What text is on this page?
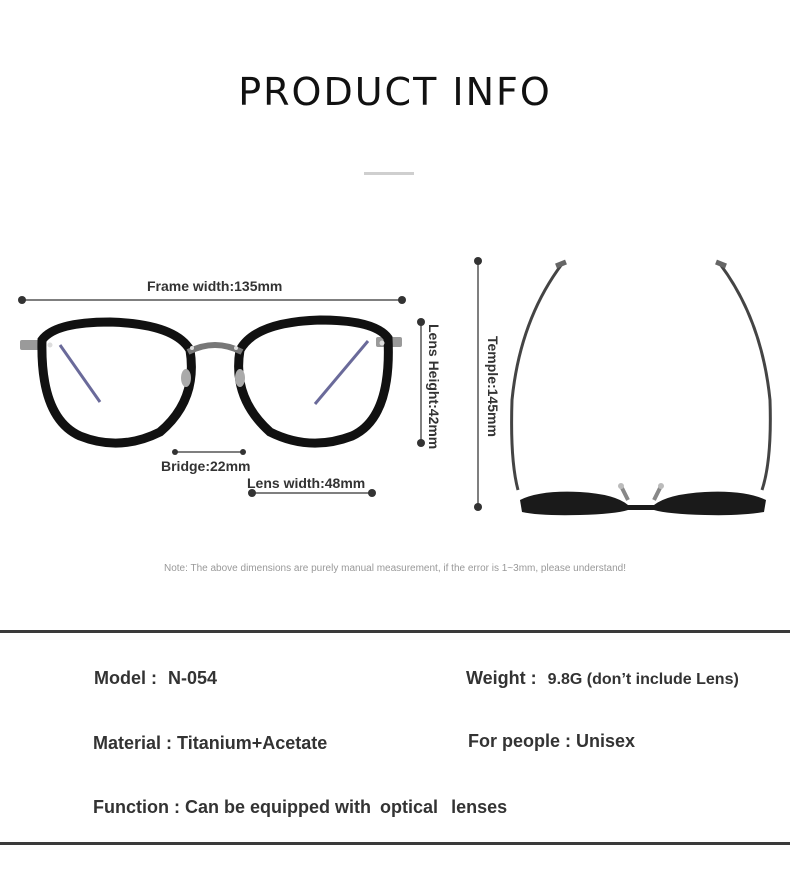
PRODUCT INFO
Frame width:135mm
Lens Height:42mm
Bridge:22mm
Lens width:48mm
Temple:145mm
Note: The above dimensions are purely manual measurement, if the error is 1~3mm, please understand!
Model : N-054	Weight : 9.8G (don’t include Lens)
Material : Titanium+Acetate	For people : Unisex
Function : Can be equipped with optical lenses
